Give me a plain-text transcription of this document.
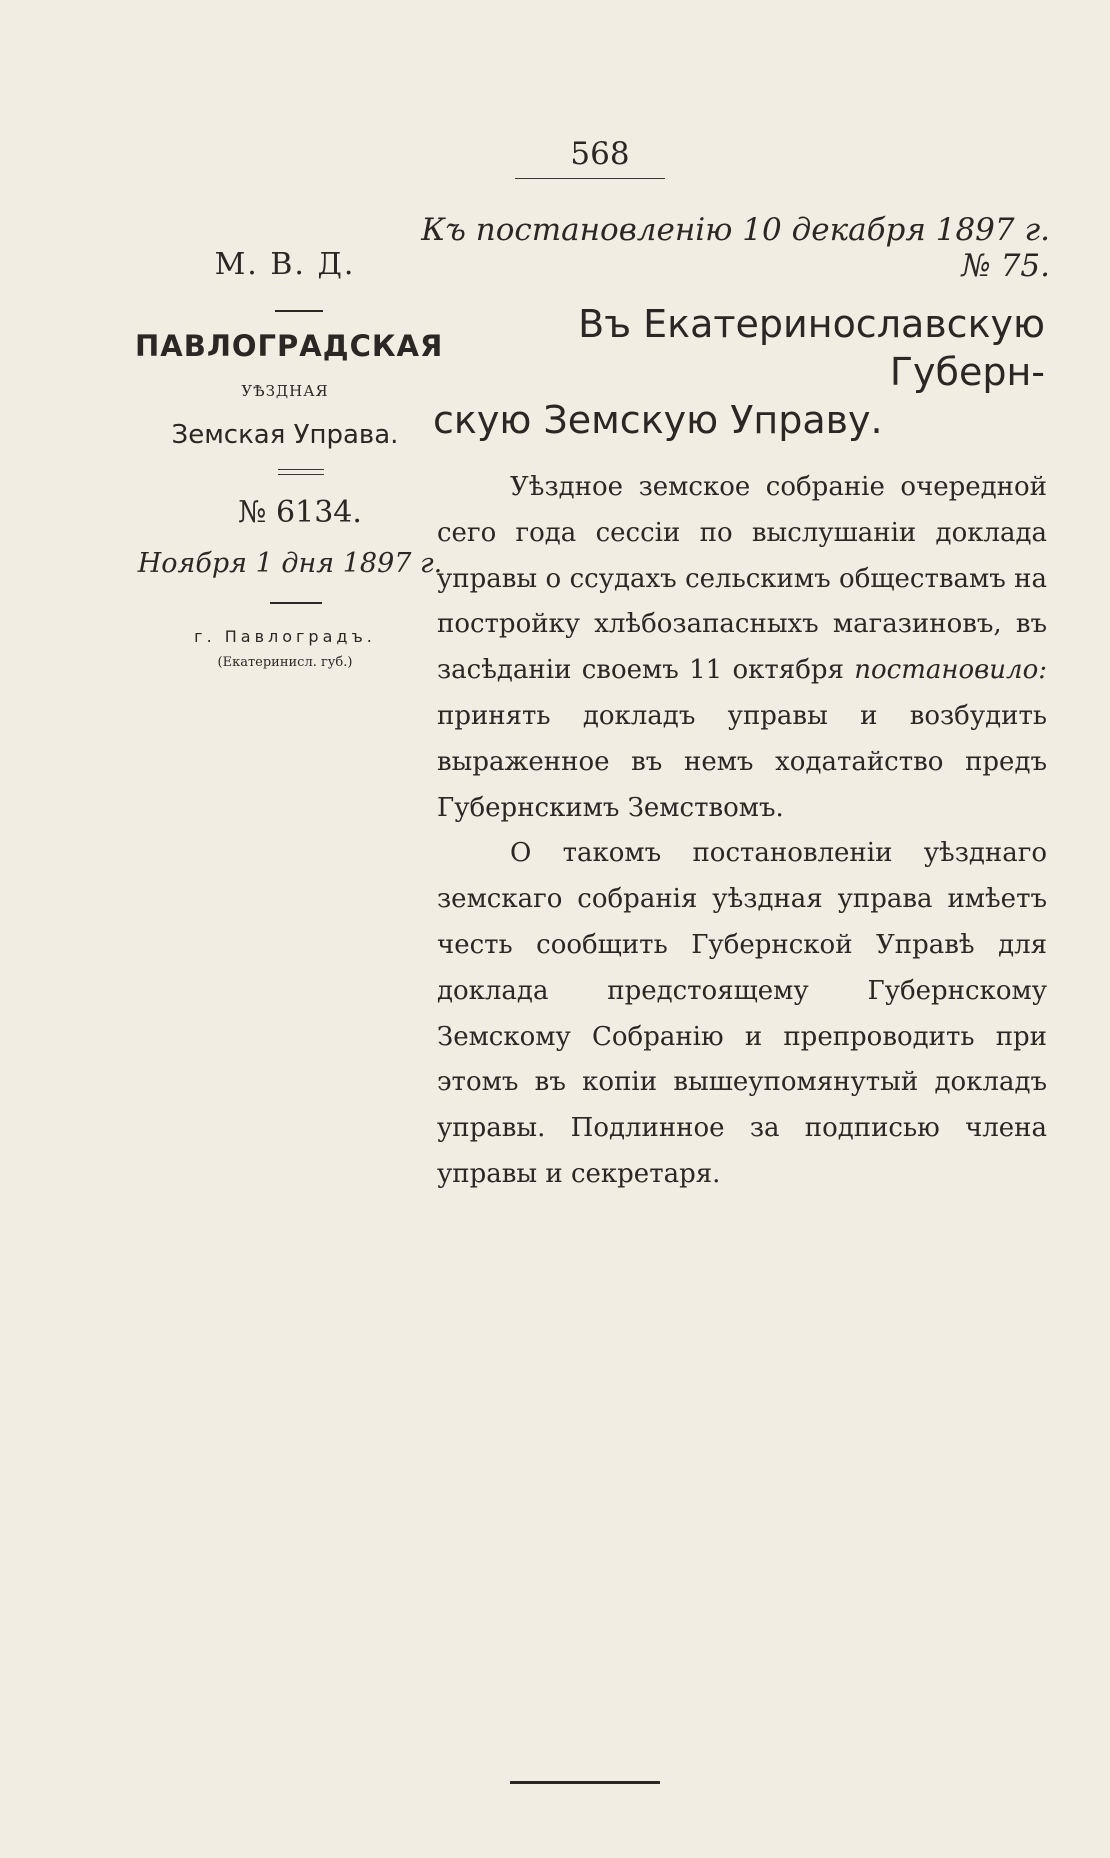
568
Къ постановленію 10 декабря 1897 г. № 75.
М. В. Д.
ПАВЛОГРАДСКАЯ
УѢЗДНАЯ
Земская Управа.
№ 6134.
Ноября 1 дня 1897 г.
г. Павлоградъ.
(Екатеринисл. губ.)
Въ Екатеринославскую Губерн-
скую Земскую Управу.

Уѣздное земское собраніе очередной сего года сессіи по выслушаніи доклада управы о ссудахъ сельскимъ обществамъ на постройку хлѣбозапасныхъ магазиновъ, въ засѣданіи своемъ 11 октября постановило: принять докладъ управы и возбудить выраженное въ немъ ходатайство предъ Губернскимъ Земствомъ.

О такомъ постановленіи уѣзднаго земскаго собранія уѣздная управа имѣетъ честь сообщить Губернской Управѣ для доклада предстоящему Губернскому Земскому Собранію и препроводить при этомъ въ копіи вышеупомянутый докладъ управы. Подлинное за подписью члена управы и секретаря.
